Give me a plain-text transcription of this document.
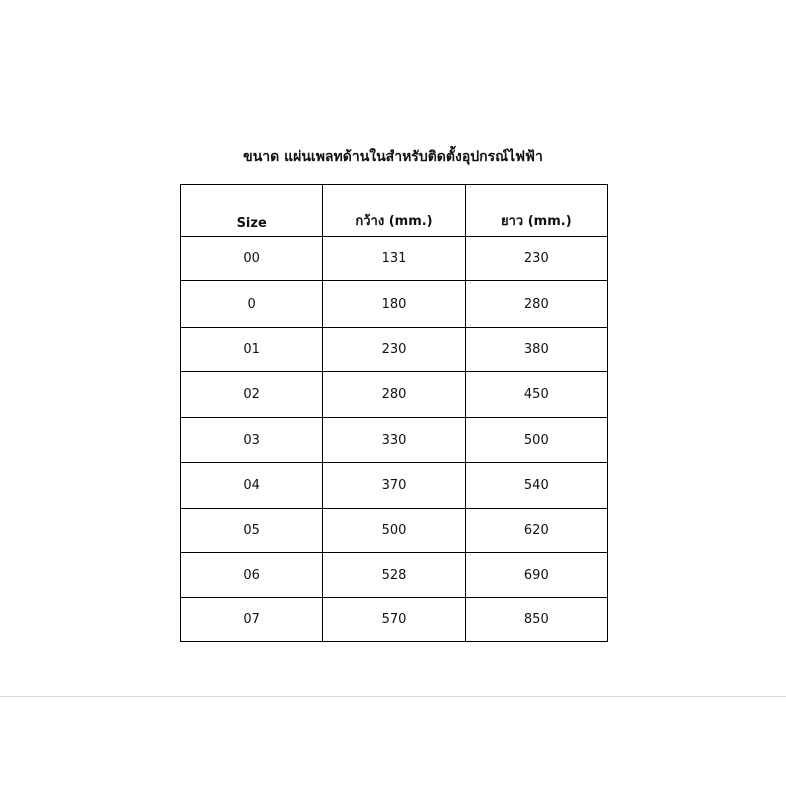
ขนาด แผ่นเพลทด้านในสำหรับติดตั้งอุปกรณ์ไฟฟ้า
Size	กว้าง (mm.)	ยาว (mm.)
00	131	230
0	180	280
01	230	380
02	280	450
03	330	500
04	370	540
05	500	620
06	528	690
07	570	850
